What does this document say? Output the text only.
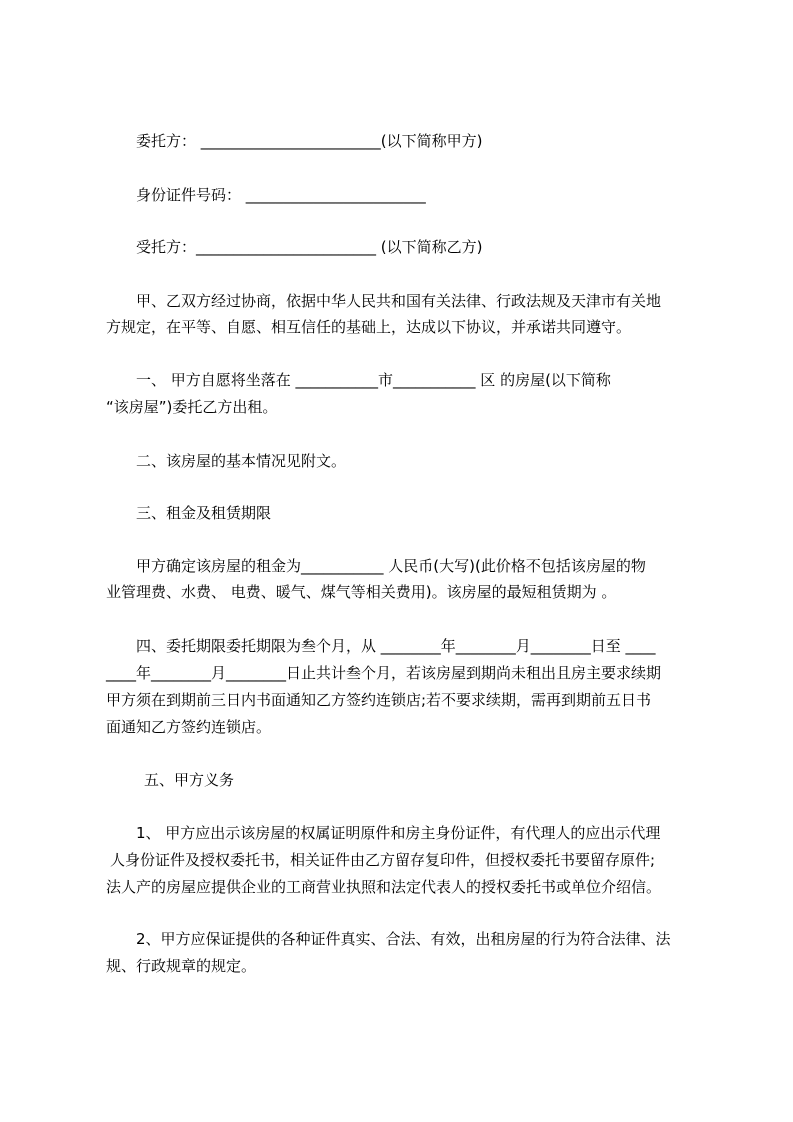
委托方： ________________________(以下简称甲方)
身份证件号码： ________________________
受托方：________________________ (以下简称乙方)
甲、乙双方经过协商，依据中华人民共和国有关法律、行政法规及天津市有关地
方规定，在平等、自愿、相互信任的基础上，达成以下协议，并承诺共同遵守。
一、 甲方自愿将坐落在 ___________市___________ 区 的房屋(以下简称
“该房屋”)委托乙方出租。
二、该房屋的基本情况见附文。
三、租金及租赁期限
甲方确定该房屋的租金为___________ 人民币(大写)(此价格不包括该房屋的物
业管理费、水费、 电费、暖气、煤气等相关费用)。该房屋的最短租赁期为 。
四、委托期限委托期限为叁个月，从 ________年________月________日至 ____
____年________月________日止共计叁个月，若该房屋到期尚未租出且房主要求续期
甲方须在到期前三日内书面通知乙方签约连锁店;若不要求续期，需再到期前五日书
面通知乙方签约连锁店。
五、甲方义务
1、 甲方应出示该房屋的权属证明原件和房主身份证件，有代理人的应出示代理
人身份证件及授权委托书，相关证件由乙方留存复印件，但授权委托书要留存原件;
法人产的房屋应提供企业的工商营业执照和法定代表人的授权委托书或单位介绍信。
2、甲方应保证提供的各种证件真实、合法、有效，出租房屋的行为符合法律、法
规、行政规章的规定。
